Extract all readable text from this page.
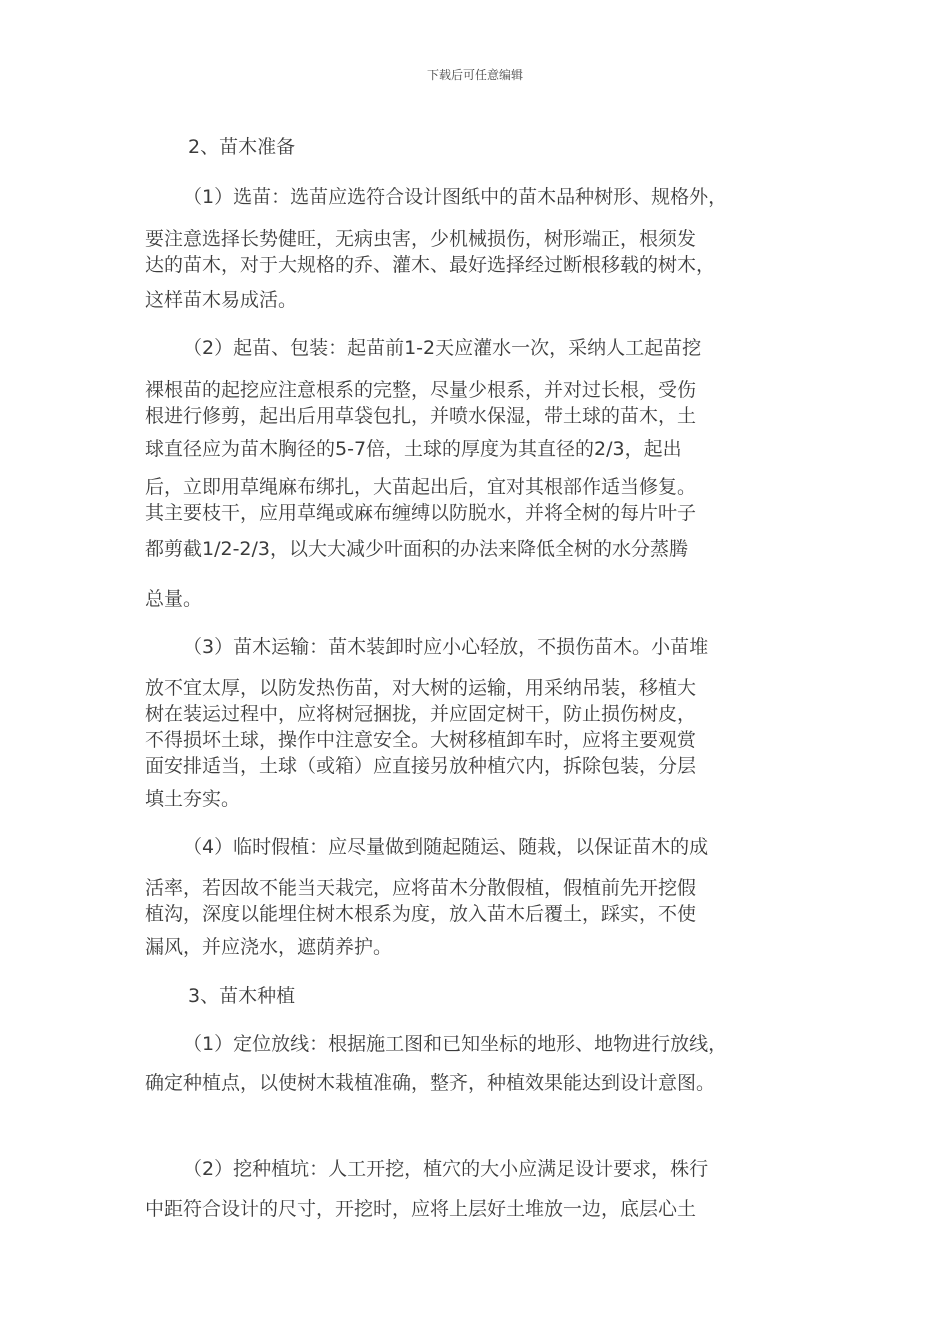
下载后可任意编辑
2、苗木准备
（1）选苗：选苗应选符合设计图纸中的苗木品种树形、规格外，
要注意选择长势健旺，无病虫害，少机械损伤，树形端正，根须发
达的苗木，对于大规格的乔、灌木、最好选择经过断根移载的树木，
这样苗木易成活。
（2）起苗、包装：起苗前1-2天应灌水一次，采纳人工起苗挖
裸根苗的起挖应注意根系的完整，尽量少根系，并对过长根，受伤
根进行修剪，起出后用草袋包扎，并喷水保湿，带土球的苗木，土
球直径应为苗木胸径的5-7倍，土球的厚度为其直径的2/3，起出
后，立即用草绳麻布绑扎，大苗起出后，宜对其根部作适当修复。
其主要枝干，应用草绳或麻布缠缚以防脱水，并将全树的每片叶子
都剪截1/2-2/3，以大大减少叶面积的办法来降低全树的水分蒸腾
总量。
（3）苗木运输：苗木装卸时应小心轻放，不损伤苗木。小苗堆
放不宜太厚，以防发热伤苗，对大树的运输，用采纳吊装，移植大
树在装运过程中，应将树冠捆拢，并应固定树干，防止损伤树皮，
不得损坏土球，操作中注意安全。大树移植卸车时，应将主要观赏
面安排适当，土球（或箱）应直接另放种植穴内，拆除包装，分层
填土夯实。
（4）临时假植：应尽量做到随起随运、随栽，以保证苗木的成
活率，若因故不能当天栽完，应将苗木分散假植，假植前先开挖假
植沟，深度以能埋住树木根系为度，放入苗木后覆土，踩实，不使
漏风，并应浇水，遮荫养护。
3、苗木种植
（1）定位放线：根据施工图和已知坐标的地形、地物进行放线，
确定种植点，以使树木栽植准确，整齐，种植效果能达到设计意图。
（2）挖种植坑：人工开挖，植穴的大小应满足设计要求，株行
中距符合设计的尺寸，开挖时，应将上层好土堆放一边，底层心土
